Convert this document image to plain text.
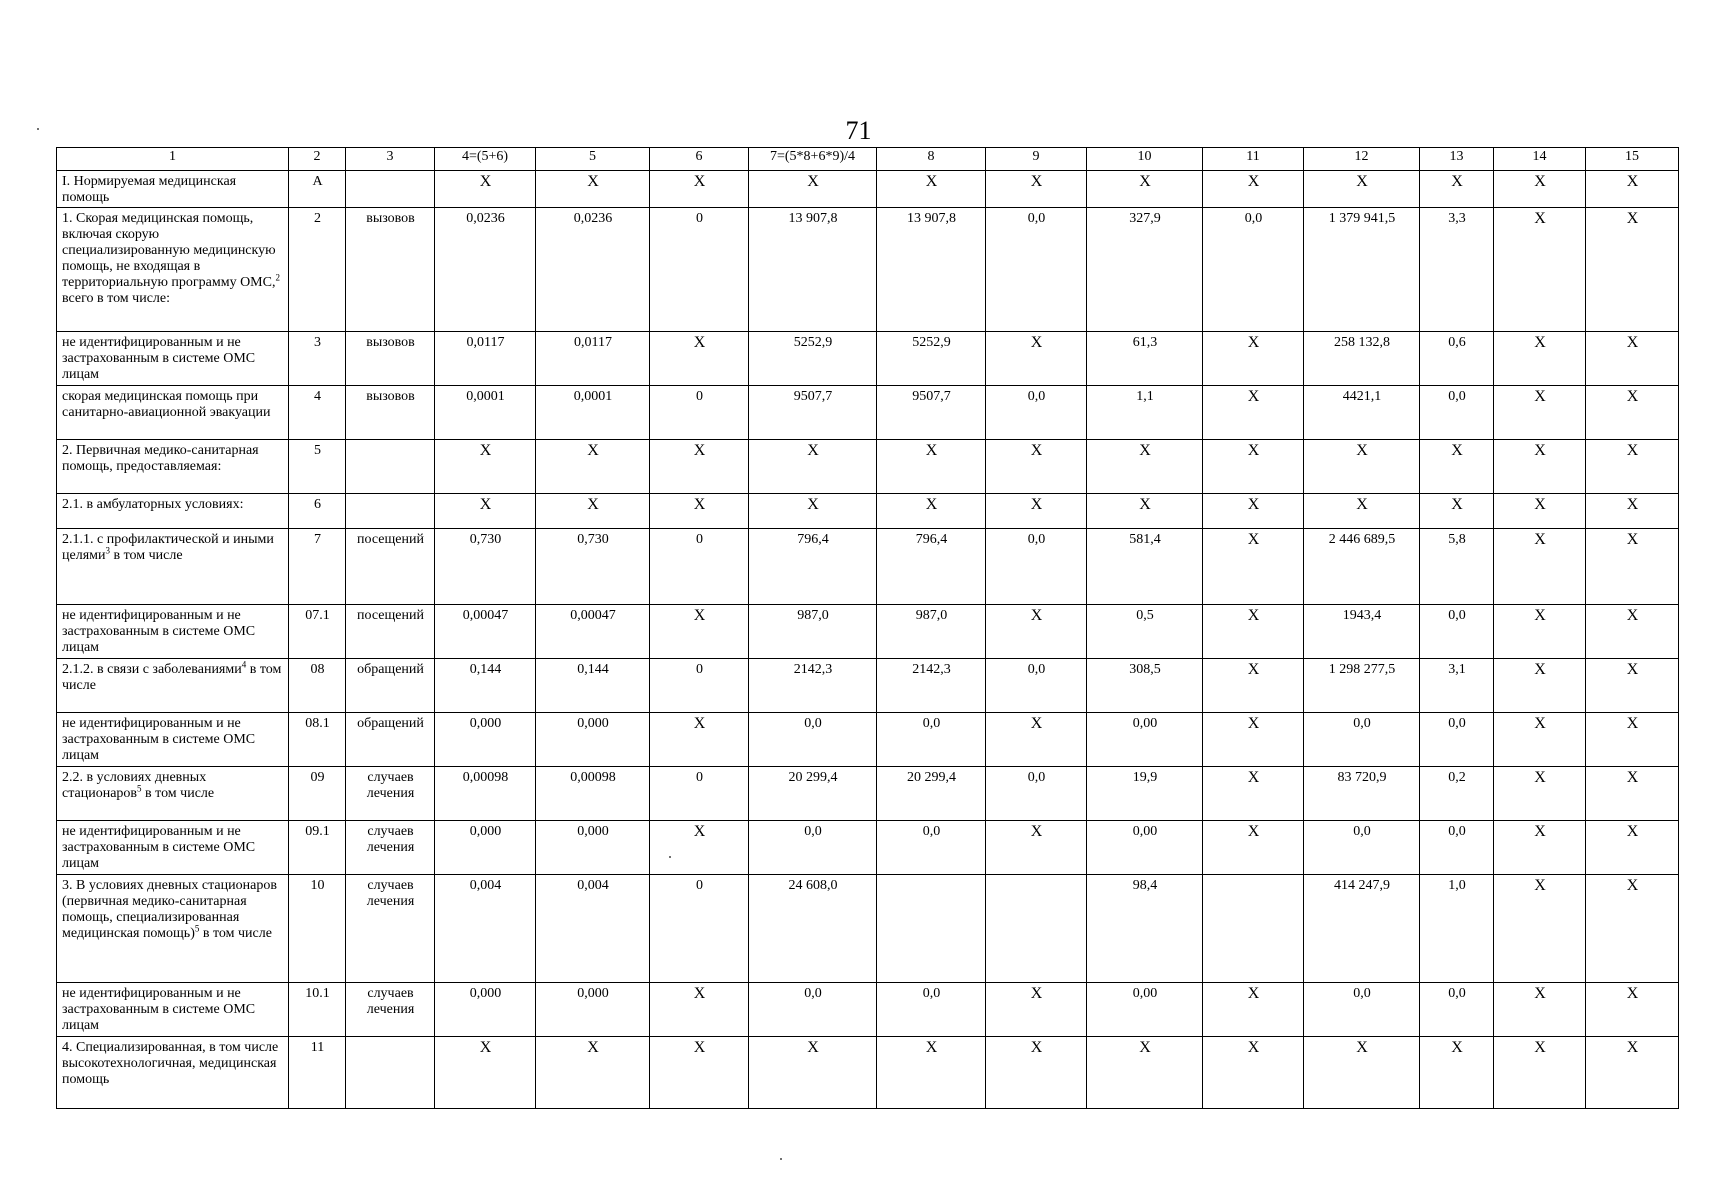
71
1	2	3	4=(5+6)	5	6	7=(5*8+6*9)/4	8	9	10	11	12	13	14	15
I. Нормируемая медицинская помощь	А		Х	Х	Х	Х	Х	Х	Х	Х	Х	Х	Х	Х
1. Скорая медицинская помощь, включая скорую специализированную медицинскую помощь, не входящая в территориальную программу ОМС,$^2$ всего в том числе:	2	вызовов	0,0236	0,0236	0	13 907,8	13 907,8	0,0	327,9	0,0	1 379 941,5	3,3	Х	Х
не идентифицированным и не застрахованным в системе ОМС лицам	3	вызовов	0,0117	0,0117	Х	5252,9	5252,9	Х	61,3	Х	258 132,8	0,6	Х	Х
скорая медицинская помощь при санитарно-авиационной эвакуации	4	вызовов	0,0001	0,0001	0	9507,7	9507,7	0,0	1,1	Х	4421,1	0,0	Х	Х
2. Первичная медико-санитарная помощь, предоставляемая:	5		Х	Х	Х	Х	Х	Х	Х	Х	Х	Х	Х	Х
2.1. в амбулаторных условиях:	6		Х	Х	Х	Х	Х	Х	Х	Х	Х	Х	Х	Х
2.1.1. с профилактической и иными целями$^3$ в том числе	7	посещений	0,730	0,730	0	796,4	796,4	0,0	581,4	Х	2 446 689,5	5,8	Х	Х
не идентифицированным и не застрахованным в системе ОМС лицам	07.1	посещений	0,00047	0,00047	Х	987,0	987,0	Х	0,5	Х	1943,4	0,0	Х	Х
2.1.2. в связи с заболеваниями$^4$ в том числе	08	обращений	0,144	0,144	0	2142,3	2142,3	0,0	308,5	Х	1 298 277,5	3,1	Х	Х
не идентифицированным и не застрахованным в системе ОМС лицам	08.1	обращений	0,000	0,000	Х	0,0	0,0	Х	0,00	Х	0,0	0,0	Х	Х
2.2. в условиях дневных стационаров$^5$ в том числе	09	случаев лечения	0,00098	0,00098	0	20 299,4	20 299,4	0,0	19,9	Х	83 720,9	0,2	Х	Х
не идентифицированным и не застрахованным в системе ОМС лицам	09.1	случаев лечения	0,000	0,000	Х	0,0	0,0	Х	0,00	Х	0,0	0,0	Х	Х
3. В условиях дневных стационаров (первичная медико-санитарная помощь, специализированная медицинская помощь)$^5$ в том числе	10	случаев лечения	0,004	0,004	0	24 608,0			98,4		414 247,9	1,0	Х	Х
не идентифицированным и не застрахованным в системе ОМС лицам	10.1	случаев лечения	0,000	0,000	Х	0,0	0,0	Х	0,00	Х	0,0	0,0	Х	Х
4. Специализированная, в том числе высокотехнологичная, медицинская помощь	11		Х	Х	Х	Х	Х	Х	Х	Х	Х	Х	Х	Х
